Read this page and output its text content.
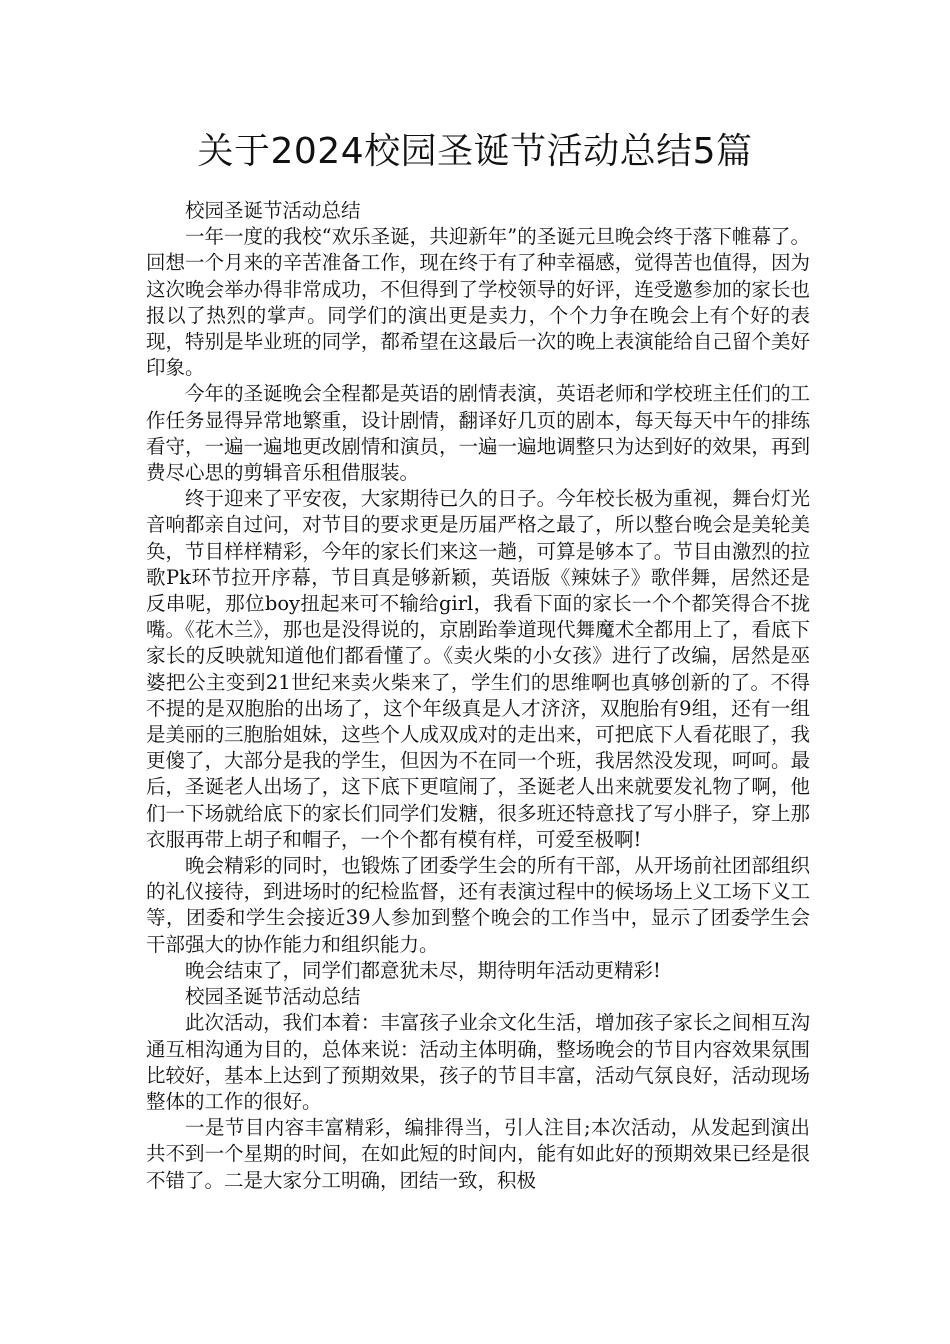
关于2024校园圣诞节活动总结5篇

校园圣诞节活动总结

一年一度的我校“欢乐圣诞，共迎新年”的圣诞元旦晚会终于落下帷幕了。回想一个月来的辛苦准备工作，现在终于有了种幸福感，觉得苦也值得，因为这次晚会举办得非常成功，不但得到了学校领导的好评，连受邀参加的家长也报以了热烈的掌声。同学们的演出更是卖力，个个力争在晚会上有个好的表现，特别是毕业班的同学，都希望在这最后一次的晚上表演能给自己留个美好印象。

今年的圣诞晚会全程都是英语的剧情表演，英语老师和学校班主任们的工作任务显得异常地繁重，设计剧情，翻译好几页的剧本，每天每天中午的排练看守，一遍一遍地更改剧情和演员，一遍一遍地调整只为达到好的效果，再到费尽心思的剪辑音乐租借服装。

终于迎来了平安夜，大家期待已久的日子。今年校长极为重视，舞台灯光音响都亲自过问，对节目的要求更是历届严格之最了，所以整台晚会是美轮美奂，节目样样精彩，今年的家长们来这一趟，可算是够本了。节目由激烈的拉歌Pk环节拉开序幕，节目真是够新颖，英语版《辣妹子》歌伴舞，居然还是反串呢，那位boy扭起来可不输给girl，我看下面的家长一个个都笑得合不拢嘴。《花木兰》，那也是没得说的，京剧跆拳道现代舞魔术全都用上了，看底下家长的反映就知道他们都看懂了。《卖火柴的小女孩》进行了改编，居然是巫婆把公主变到21世纪来卖火柴来了，学生们的思维啊也真够创新的了。不得不提的是双胞胎的出场了，这个年级真是人才济济，双胞胎有9组，还有一组是美丽的三胞胎姐妹，这些个人成双成对的走出来，可把底下人看花眼了，我更傻了，大部分是我的学生，但因为不在同一个班，我居然没发现，呵呵。最后，圣诞老人出场了，这下底下更喧闹了，圣诞老人出来就要发礼物了啊，他们一下场就给底下的家长们同学们发糖，很多班还特意找了写小胖子，穿上那衣服再带上胡子和帽子，一个个都有模有样，可爱至极啊!

晚会精彩的同时，也锻炼了团委学生会的所有干部，从开场前社团部组织的礼仪接待，到进场时的纪检监督，还有表演过程中的候场场上义工场下义工等，团委和学生会接近39人参加到整个晚会的工作当中，显示了团委学生会干部强大的协作能力和组织能力。

晚会结束了，同学们都意犹未尽，期待明年活动更精彩!

校园圣诞节活动总结

此次活动，我们本着：丰富孩子业余文化生活，增加孩子家长之间相互沟通互相沟通为目的，总体来说：活动主体明确，整场晚会的节目内容效果氛围比较好，基本上达到了预期效果，孩子的节目丰富，活动气氛良好，活动现场整体的工作的很好。

一是节目内容丰富精彩，编排得当，引人注目;本次活动，从发起到演出共不到一个星期的时间，在如此短的时间内，能有如此好的预期效果已经是很不错了。二是大家分工明确，团结一致，积极
